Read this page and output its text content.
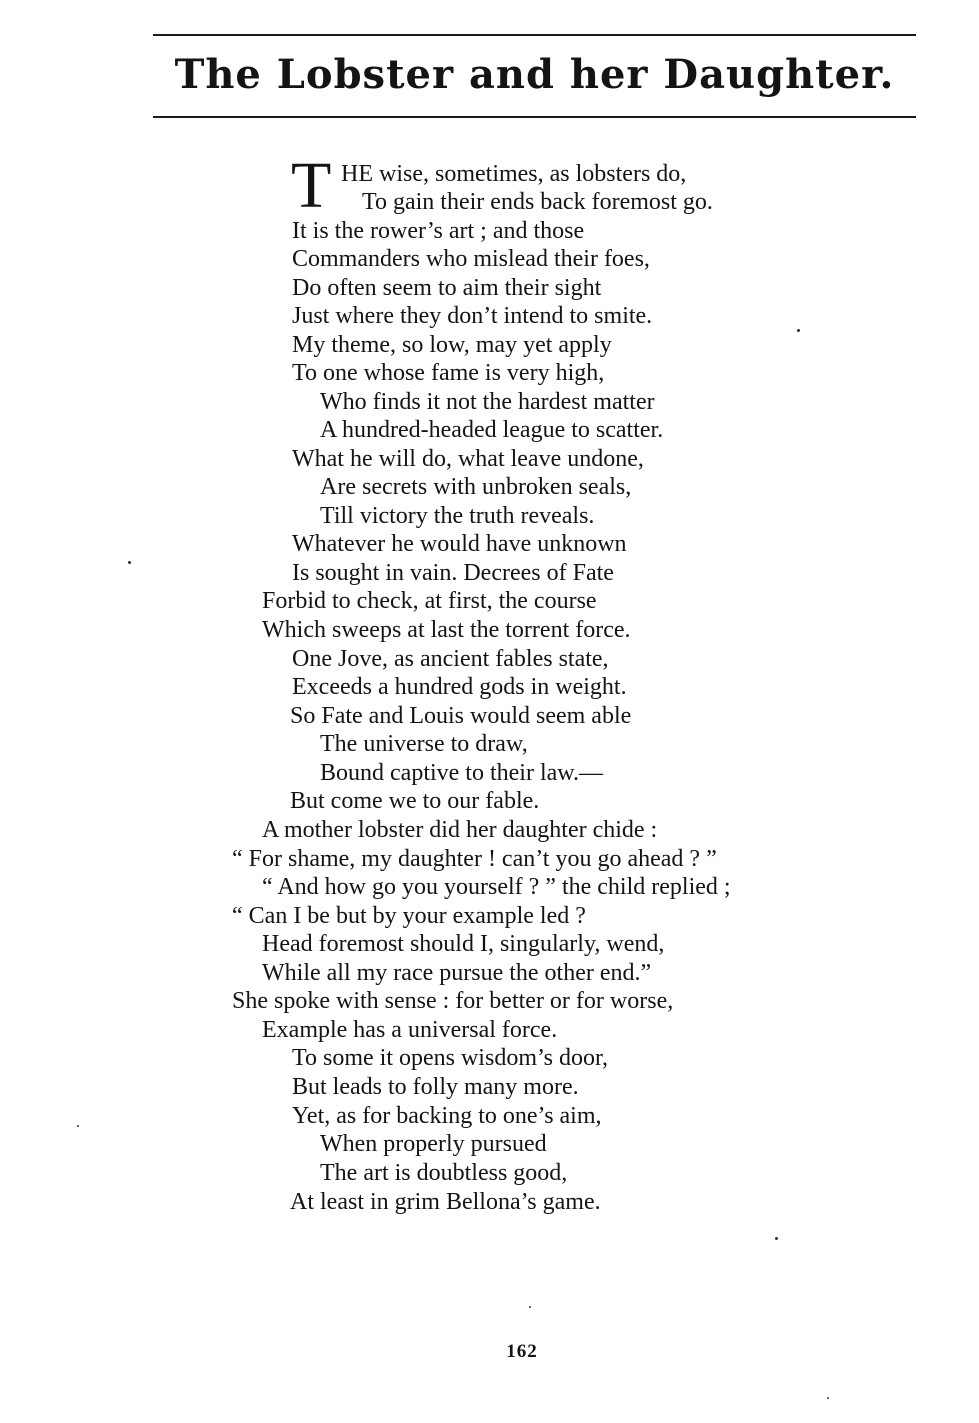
The Lobster and her Daughter.
T HE wise, sometimes, as lobsters do,
To gain their ends back foremost go.
It is the rower’s art ; and those
Commanders who mislead their foes,
Do often seem to aim their sight
Just where they don’t intend to smite.
My theme, so low, may yet apply
To one whose fame is very high,
Who finds it not the hardest matter
A hundred-headed league to scatter.
What he will do, what leave undone,
Are secrets with unbroken seals,
Till victory the truth reveals.
Whatever he would have unknown
Is sought in vain. Decrees of Fate
Forbid to check, at first, the course
Which sweeps at last the torrent force.
One Jove, as ancient fables state,
Exceeds a hundred gods in weight.
So Fate and Louis would seem able
The universe to draw,
Bound captive to their law.—
But come we to our fable.
A mother lobster did her daughter chide :
“ For shame, my daughter ! can’t you go ahead ? ”
“ And how go you yourself ? ” the child replied ;
“ Can I be but by your example led ?
Head foremost should I, singularly, wend,
While all my race pursue the other end.”
She spoke with sense : for better or for worse,
Example has a universal force.
To some it opens wisdom’s door,
But leads to folly many more.
Yet, as for backing to one’s aim,
When properly pursued
The art is doubtless good,
At least in grim Bellona’s game.
162
